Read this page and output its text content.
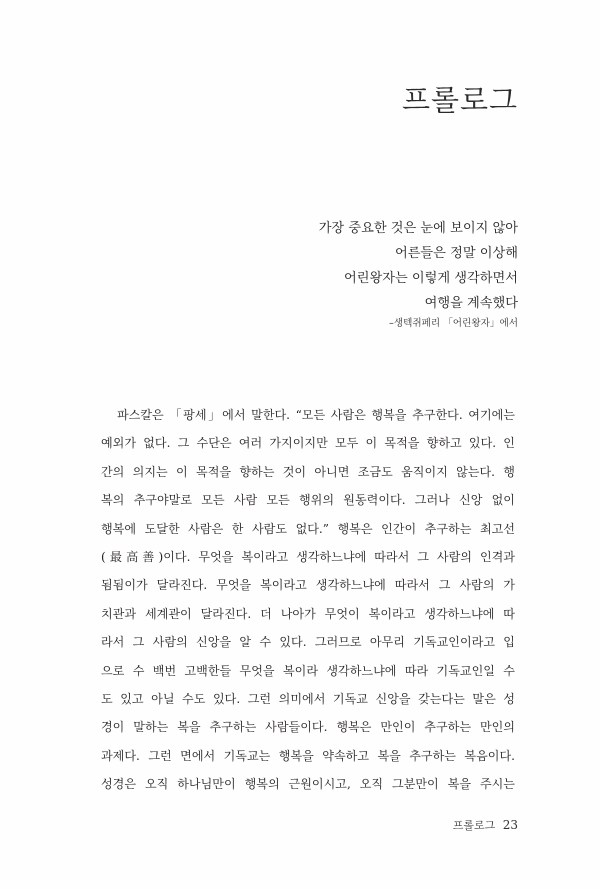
프롤로그
가장 중요한 것은 눈에 보이지 않아
어른들은 정말 이상해
어린왕자는 이렇게 생각하면서
여행을 계속했다
–생텍쥐페리 「어린왕자」에서
파스칼은 「팡세」에서 말한다. “모든 사람은 행복을 추구한다. 여기에는
예외가 없다. 그 수단은 여러 가지이지만 모두 이 목적을 향하고 있다. 인
간의 의지는 이 목적을 향하는 것이 아니면 조금도 움직이지 않는다. 행
복의 추구야말로 모든 사람 모든 행위의 원동력이다. 그러나 신앙 없이
행복에 도달한 사람은 한 사람도 없다.” 행복은 인간이 추구하는 최고선
(最高善)이다. 무엇을 복이라고 생각하느냐에 따라서 그 사람의 인격과
됨됨이가 달라진다. 무엇을 복이라고 생각하느냐에 따라서 그 사람의 가
치관과 세계관이 달라진다. 더 나아가 무엇이 복이라고 생각하느냐에 따
라서 그 사람의 신앙을 알 수 있다. 그러므로 아무리 기독교인이라고 입
으로 수 백번 고백한들 무엇을 복이라 생각하느냐에 따라 기독교인일 수
도 있고 아닐 수도 있다. 그런 의미에서 기독교 신앙을 갖는다는 말은 성
경이 말하는 복을 추구하는 사람들이다. 행복은 만인이 추구하는 만인의
과제다. 그런 면에서 기독교는 행복을 약속하고 복을 추구하는 복음이다.
성경은 오직 하나님만이 행복의 근원이시고, 오직 그분만이 복을 주시는
프롤로그 23
